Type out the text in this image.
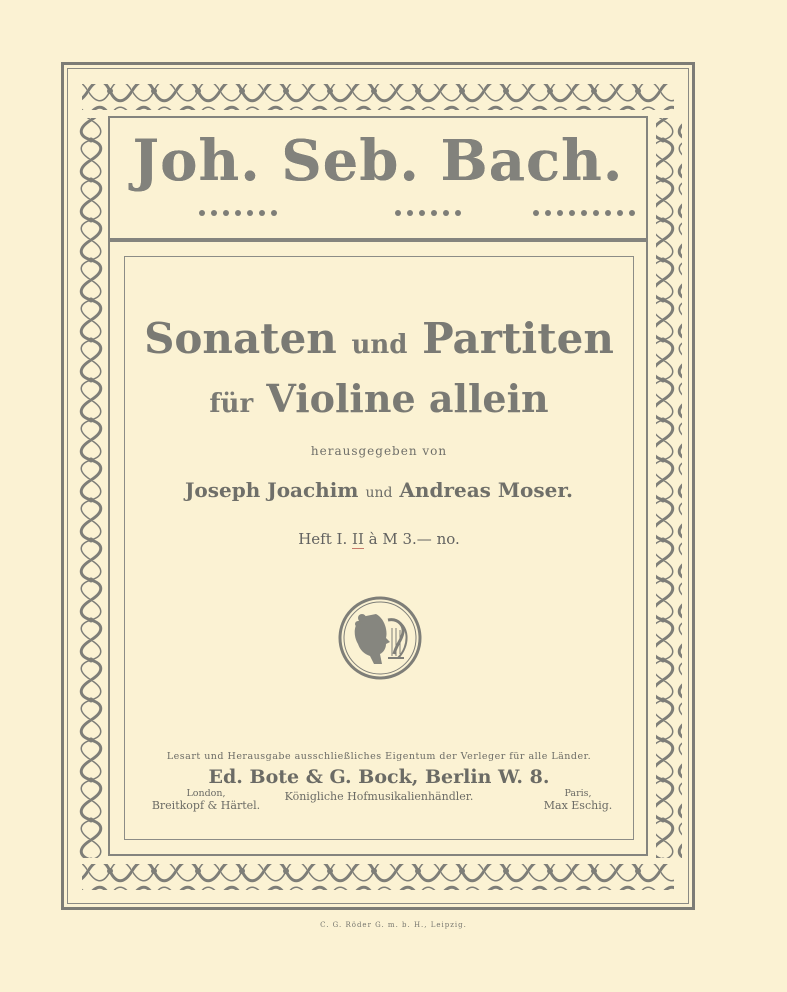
Joh. Seb. Bach.
Sonaten und Partiten
für Violine allein
herausgegeben von
Joseph Joachim und Andreas Moser.
Heft I. II à M 3.— no.
Lesart und Herausgabe ausschließliches Eigentum der Verleger für alle Länder.
Ed. Bote & G. Bock, Berlin W. 8.
Königliche Hofmusikalienhändler.
London,
Breitkopf & Härtel.
Paris,
Max Eschig.
C. G. Röder G. m. b. H., Leipzig.
